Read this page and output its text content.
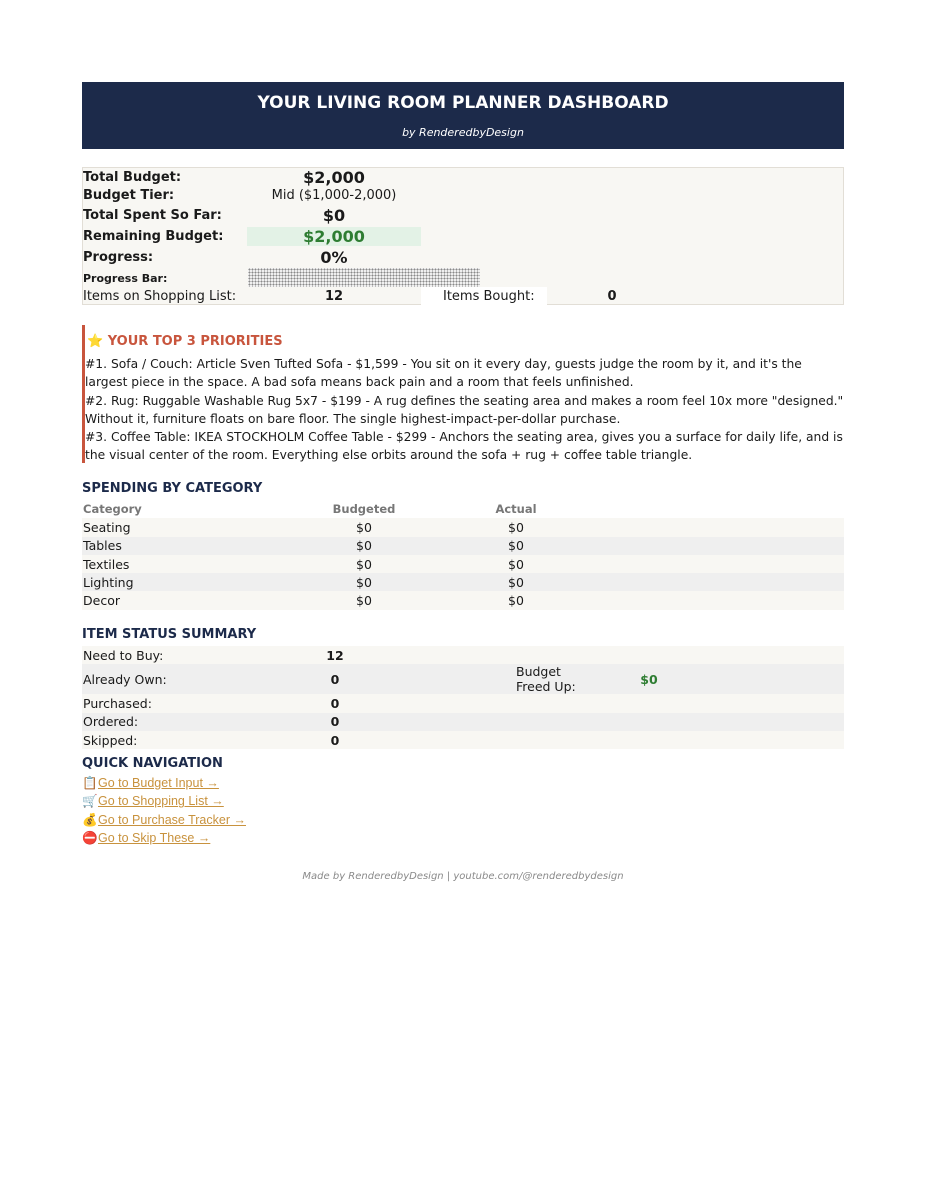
YOUR LIVING ROOM PLANNER DASHBOARD
by RenderedbyDesign
Total Budget:	$2,000
Budget Tier:	Mid ($1,000-2,000)
Total Spent So Far:	$0
Remaining Budget:	$2,000
Progress:	0%
Progress Bar:
Items on Shopping List:	12	Items Bought:	0
⭐ YOUR TOP 3 PRIORITIES

#1. Sofa / Couch: Article Sven Tufted Sofa - $1,599 - You sit on it every day, guests judge the room by it, and it's the largest piece in the space. A bad sofa means back pain and a room that feels unfinished.

#2. Rug: Ruggable Washable Rug 5x7 - $199 - A rug defines the seating area and makes a room feel 10x more "designed." Without it, furniture floats on bare floor. The single highest-impact-per-dollar purchase.

#3. Coffee Table: IKEA STOCKHOLM Coffee Table - $299 - Anchors the seating area, gives you a surface for daily life, and is the visual center of the room. Everything else orbits around the sofa + rug + coffee table triangle.

SPENDING BY CATEGORY
Category	Budgeted	Actual	
Seating	$0	$0	
Tables	$0	$0	
Textiles	$0	$0	
Lighting	$0	$0	
Decor	$0	$0	
ITEM STATUS SUMMARY
Need to Buy:	12			
Already Own:	0	Budget Freed Up:	$0	
Purchased:	0			
Ordered:	0			
Skipped:	0			
QUICK NAVIGATION
📋Go to Budget Input →
🛒Go to Shopping List →
💰Go to Purchase Tracker →
⛔Go to Skip These →
Made by RenderedbyDesign | youtube.com/@renderedbydesign
